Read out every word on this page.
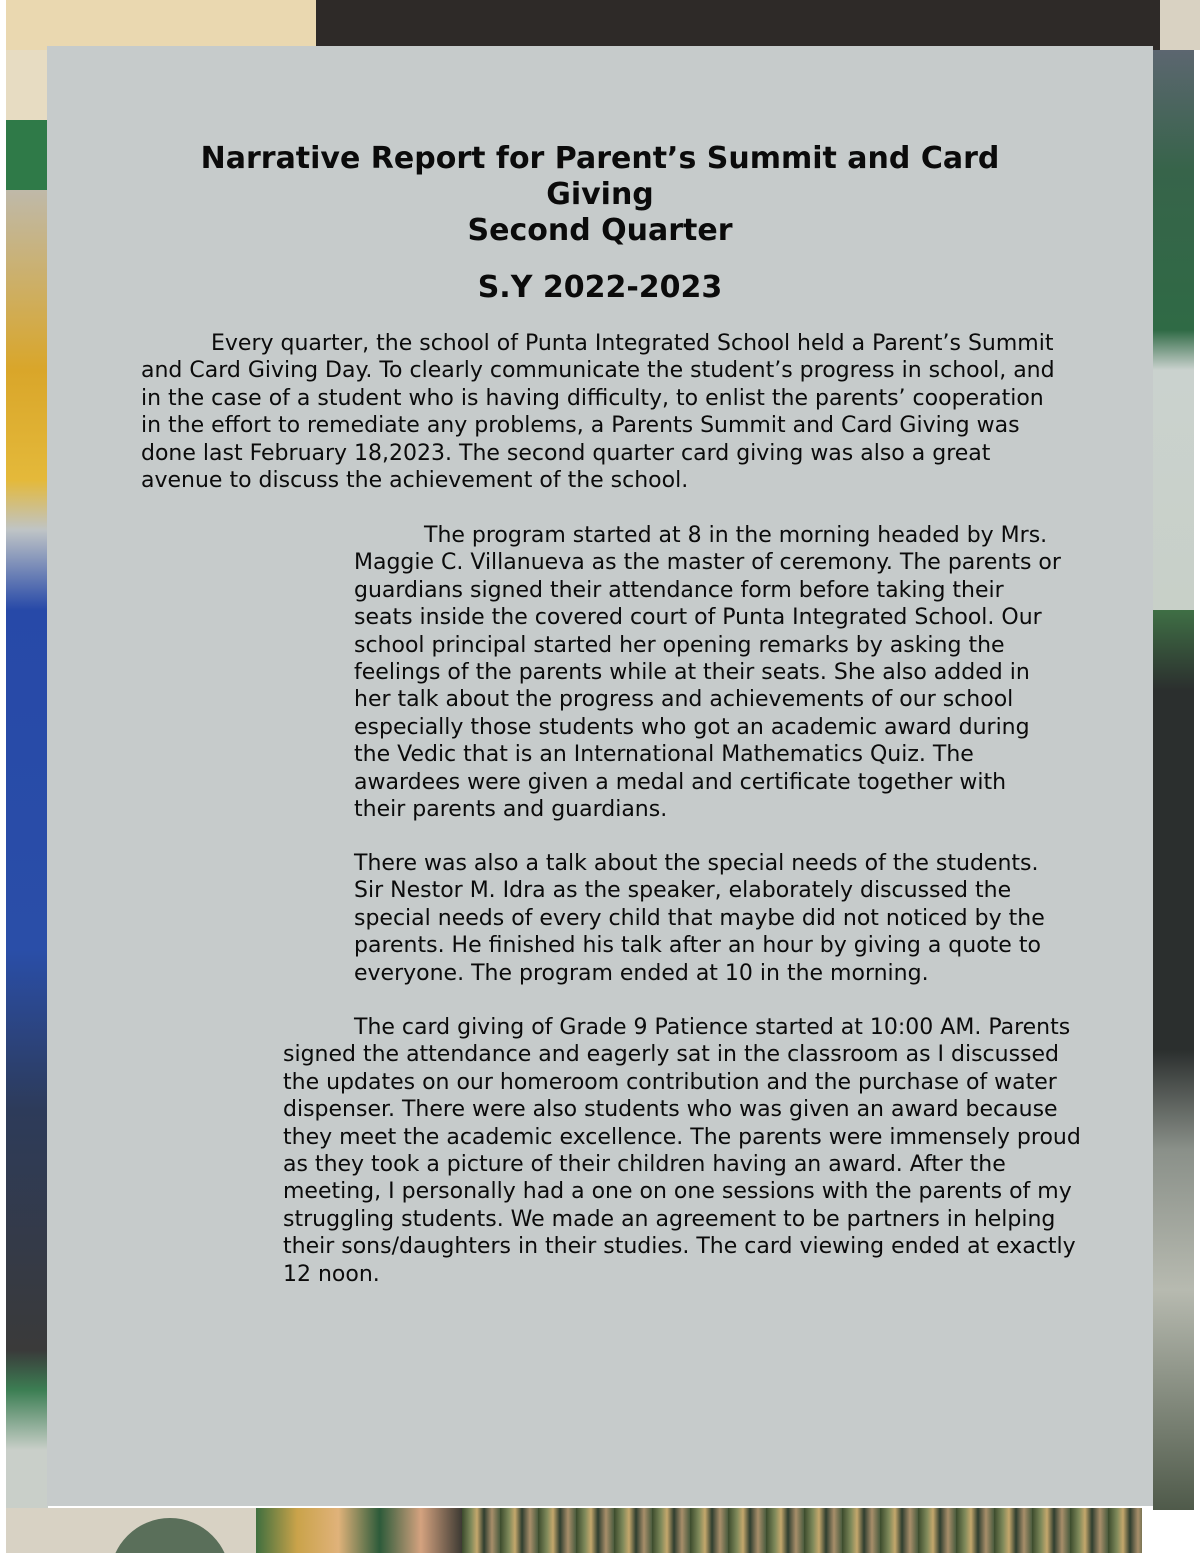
Narrative Report for Parent’s Summit and Card
Giving
Second Quarter
S.Y 2022-2023

Every quarter, the school of Punta Integrated School held a Parent’s Summit and Card Giving Day. To clearly communicate the student’s progress in school, and in the case of a student who is having difficulty, to enlist the parents’ cooperation in the effort to remediate any problems, a Parents Summit and Card Giving was done last February 18,2023. The second quarter card giving was also a great avenue to discuss the achievement of the school.

The program started at 8 in the morning headed by Mrs. Maggie C. Villanueva as the master of ceremony. The parents or guardians signed their attendance form before taking their seats inside the covered court of Punta Integrated School. Our school principal started her opening remarks by asking the feelings of the parents while at their seats. She also added in her talk about the progress and achievements of our school especially those students who got an academic award during the Vedic that is an International Mathematics Quiz. The awardees were given a medal and certificate together with their parents and guardians.

There was also a talk about the special needs of the students. Sir Nestor M. Idra as the speaker, elaborately discussed the special needs of every child that maybe did not noticed by the parents. He finished his talk after an hour by giving a quote to everyone. The program ended at 10 in the morning.

The card giving of Grade 9 Patience started at 10:00 AM. Parents signed the attendance and eagerly sat in the classroom as I discussed the updates on our homeroom contribution and the purchase of water dispenser. There were also students who was given an award because they meet the academic excellence. The parents were immensely proud as they took a picture of their children having an award. After the meeting, I personally had a one on one sessions with the parents of my struggling students. We made an agreement to be partners in helping their sons/daughters in their studies. The card viewing ended at exactly 12 noon.
